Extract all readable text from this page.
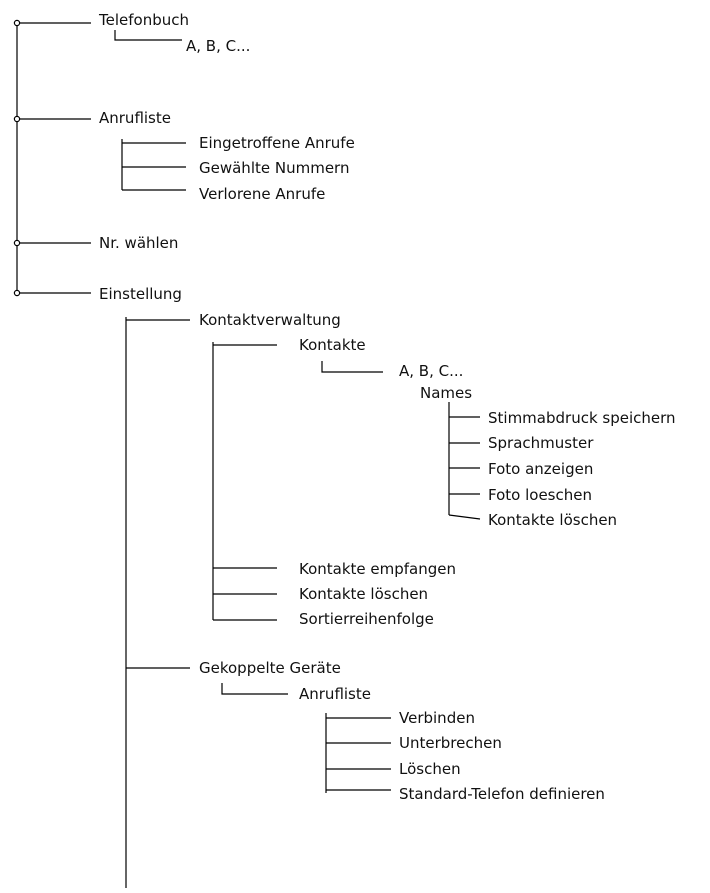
Telefonbuch
A, B, C...
Anrufliste
Eingetroffene Anrufe
Gewählte Nummern
Verlorene Anrufe
Nr. wählen
Einstellung
Kontaktverwaltung
Kontakte
A, B, C...
Names
Stimmabdruck speichern
Sprachmuster
Foto anzeigen
Foto loeschen
Kontakte löschen
Kontakte empfangen
Kontakte löschen
Sortierreihenfolge
Gekoppelte Geräte
Anrufliste
Verbinden
Unterbrechen
Löschen
Standard-Telefon definieren
